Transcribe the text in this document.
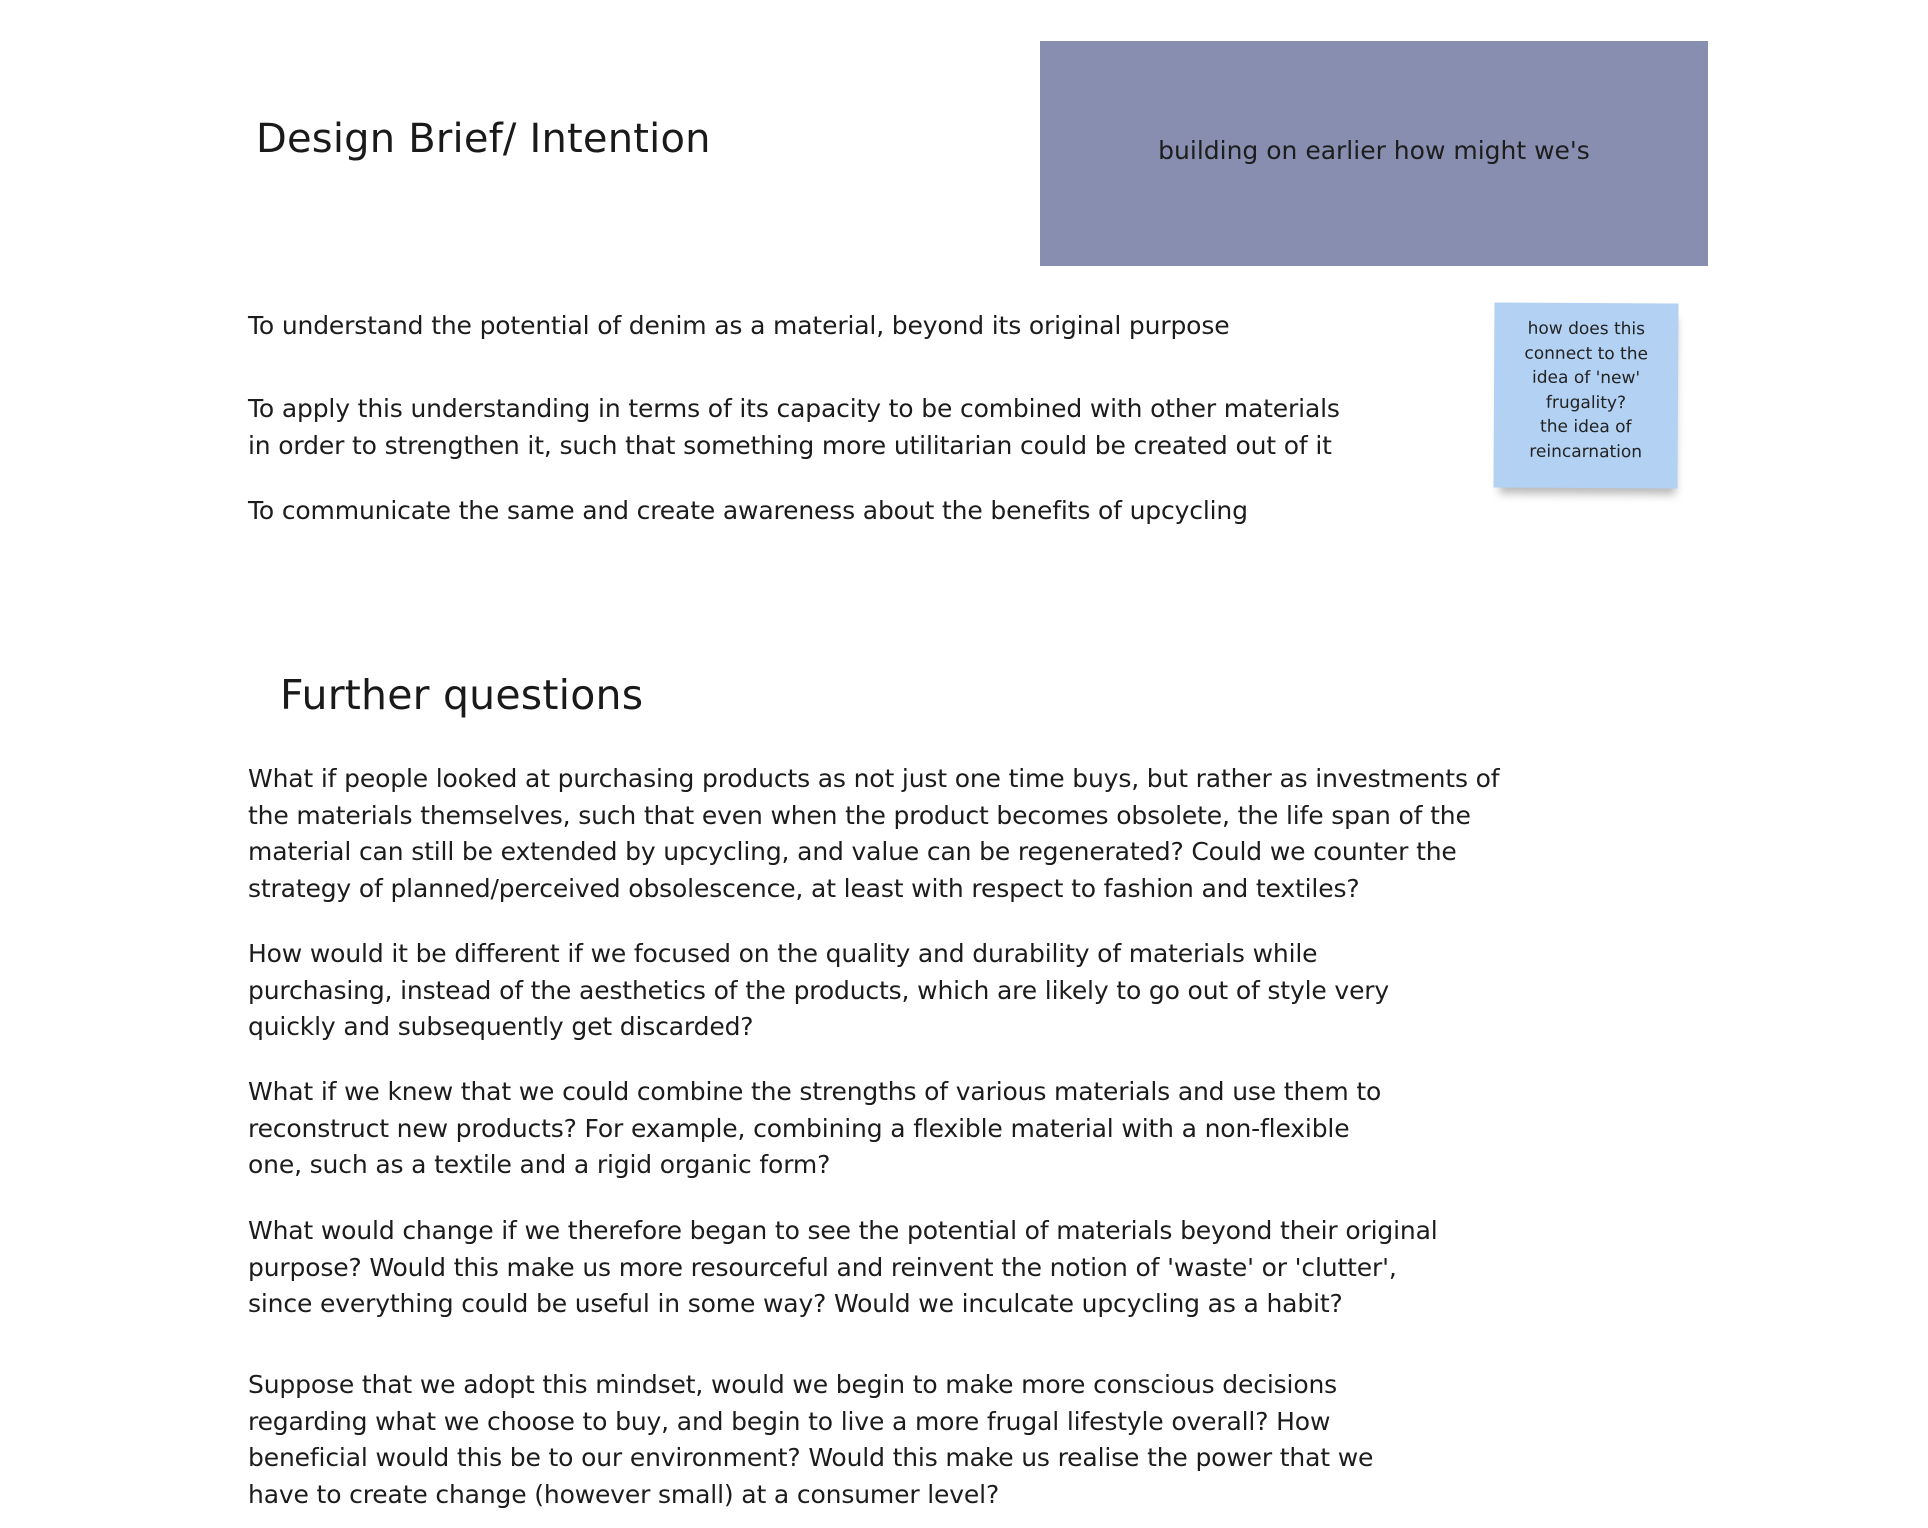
Design Brief/ Intention	building on earlier how might we's
how does this
connect to the
idea of 'new'
frugality?
the idea of
reincarnation

To understand the potential of denim as a material, beyond its original purpose

To apply this understanding in terms of its capacity to be combined with other materials
in order to strengthen it, such that something more utilitarian could be created out of it

To communicate the same and create awareness about the benefits of upcycling

Further questions

What if people looked at purchasing products as not just one time buys, but rather as investments of
the materials themselves, such that even when the product becomes obsolete, the life span of the
material can still be extended by upcycling, and value can be regenerated? Could we counter the
strategy of planned/perceived obsolescence, at least with respect to fashion and textiles?

How would it be different if we focused on the quality and durability of materials while
purchasing, instead of the aesthetics of the products, which are likely to go out of style very
quickly and subsequently get discarded?

What if we knew that we could combine the strengths of various materials and use them to
reconstruct new products? For example, combining a flexible material with a non-flexible
one, such as a textile and a rigid organic form?

What would change if we therefore began to see the potential of materials beyond their original
purpose? Would this make us more resourceful and reinvent the notion of 'waste' or 'clutter',
since everything could be useful in some way? Would we inculcate upcycling as a habit?

Suppose that we adopt this mindset, would we begin to make more conscious decisions
regarding what we choose to buy, and begin to live a more frugal lifestyle overall? How
beneficial would this be to our environment? Would this make us realise the power that we
have to create change (however small) at a consumer level?
